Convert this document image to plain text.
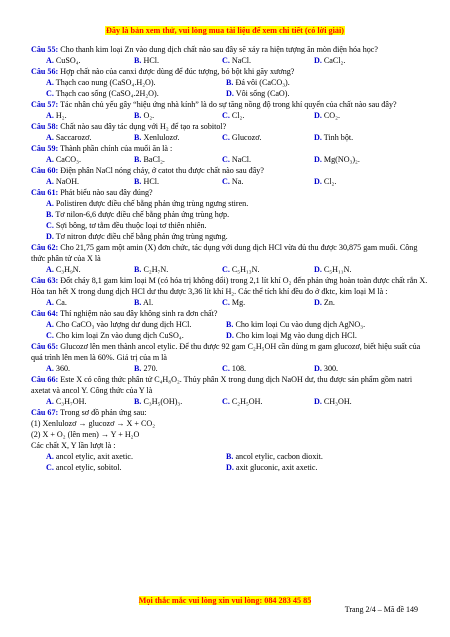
Đây là bản xem thử, vui lòng mua tài liệu để xem chi tiết (có lời giải)

Câu 55: Cho thanh kim loại Zn vào dung dịch chất nào sau đây sẽ xảy ra hiện tượng ăn mòn điện hóa học?

A. CuSO₄.	B. HCl.	C. NaCl.	D. CaCl₂.

Câu 56: Hợp chất nào của canxi được dùng để đúc tượng, bó bột khi gãy xương?

A. Thạch cao nung (CaSO₄.H₂O).	B. Đá vôi (CaCO₃).
C. Thạch cao sống (CaSO₄.2H₂O).	D. Vôi sống (CaO).

Câu 57: Tác nhân chủ yếu gây “hiệu ứng nhà kính” là do sự tăng nồng độ trong khí quyển của chất nào sau đây?

A. H₂.	B. O₂.	C. Cl₂.	D. CO₂.

Câu 58: Chất nào sau đây tác dụng với H₂ để tạo ra sobitol?

A. Saccarozơ.	B. Xenlulozơ.	C. Glucozơ.	D. Tinh bột.

Câu 59: Thành phần chính của muối ăn là :

A. CaCO₃.	B. BaCl₂.	C. NaCl.	D. Mg(NO₃)₂.

Câu 60: Điện phân NaCl nóng chảy, ở catot thu được chất nào sau đây?

A. NaOH.	B. HCl.	C. Na.	D. Cl₂.

Câu 61: Phát biểu nào sau đây đúng?

A. Polistiren được điều chế bằng phản ứng trùng ngưng stiren.
B. Tơ nilon-6,6 được điều chế bằng phản ứng trùng hợp.
C. Sợi bông, tơ tằm đều thuộc loại tơ thiên nhiên.
D. Tơ nitron được điều chế bằng phản ứng trùng ngưng.

Câu 62: Cho 21,75 gam một amin (X) đơn chức, tác dụng với dung dịch HCl vừa đủ thu được 30,875 gam muối. Công thức phân tử của X là

A. C₃H₉N.	B. C₂H₇N.	C. C₅H₁₃N.	D. C₅H₁₁N.

Câu 63: Đốt cháy 8,1 gam kim loại M (có hóa trị không đổi) trong 2,1 lít khí O₂ đến phản ứng hoàn toàn được chất rắn X. Hòa tan hết X trong dung dịch HCl dư thu được 3,36 lít khí H₂. Các thể tích khí đều đo ở đktc, kim loại M là :

A. Ca.	B. Al.	C. Mg.	D. Zn.

Câu 64: Thí nghiệm nào sau đây không sinh ra đơn chất?

A. Cho CaCO₃ vào lượng dư dung dịch HCl.	B. Cho kim loại Cu vào dung dịch AgNO₃.
C. Cho kim loại Zn vào dung dịch CuSO₄.	D. Cho kim loại Mg vào dung dịch HCl.

Câu 65: Glucozơ lên men thành ancol etylic. Để thu được 92 gam C₂H₅OH cần dùng m gam glucozơ, biết hiệu suất của quá trình lên men là 60%. Giá trị của m là

A. 360.	B. 270.	C. 108.	D. 300.

Câu 66: Este X có công thức phân tử C₄H₈O₂. Thủy phân X trong dung dịch NaOH dư, thu được sản phẩm gồm natri axetat và ancol Y. Công thức của Y là

A. C₃H₇OH.	B. C₃H₅(OH)₃.	C. C₂H₅OH.	D. CH₃OH.

Câu 67: Trong sơ đồ phản ứng sau:

(1) Xenlulozơ → glucozơ → X + CO₂

(2) X + O₂ (lên men) → Y + H₂O

Các chất X, Y lần lượt là :

A. ancol etylic, axit axetic.	B. ancol etylic, cacbon dioxit.
C. ancol etylic, sobitol.	D. axit gluconic, axit axetic.
Mọi thắc mắc vui lòng xin vui lòng: 084 283 45 85
Trang 2/4 – Mã đề 149
